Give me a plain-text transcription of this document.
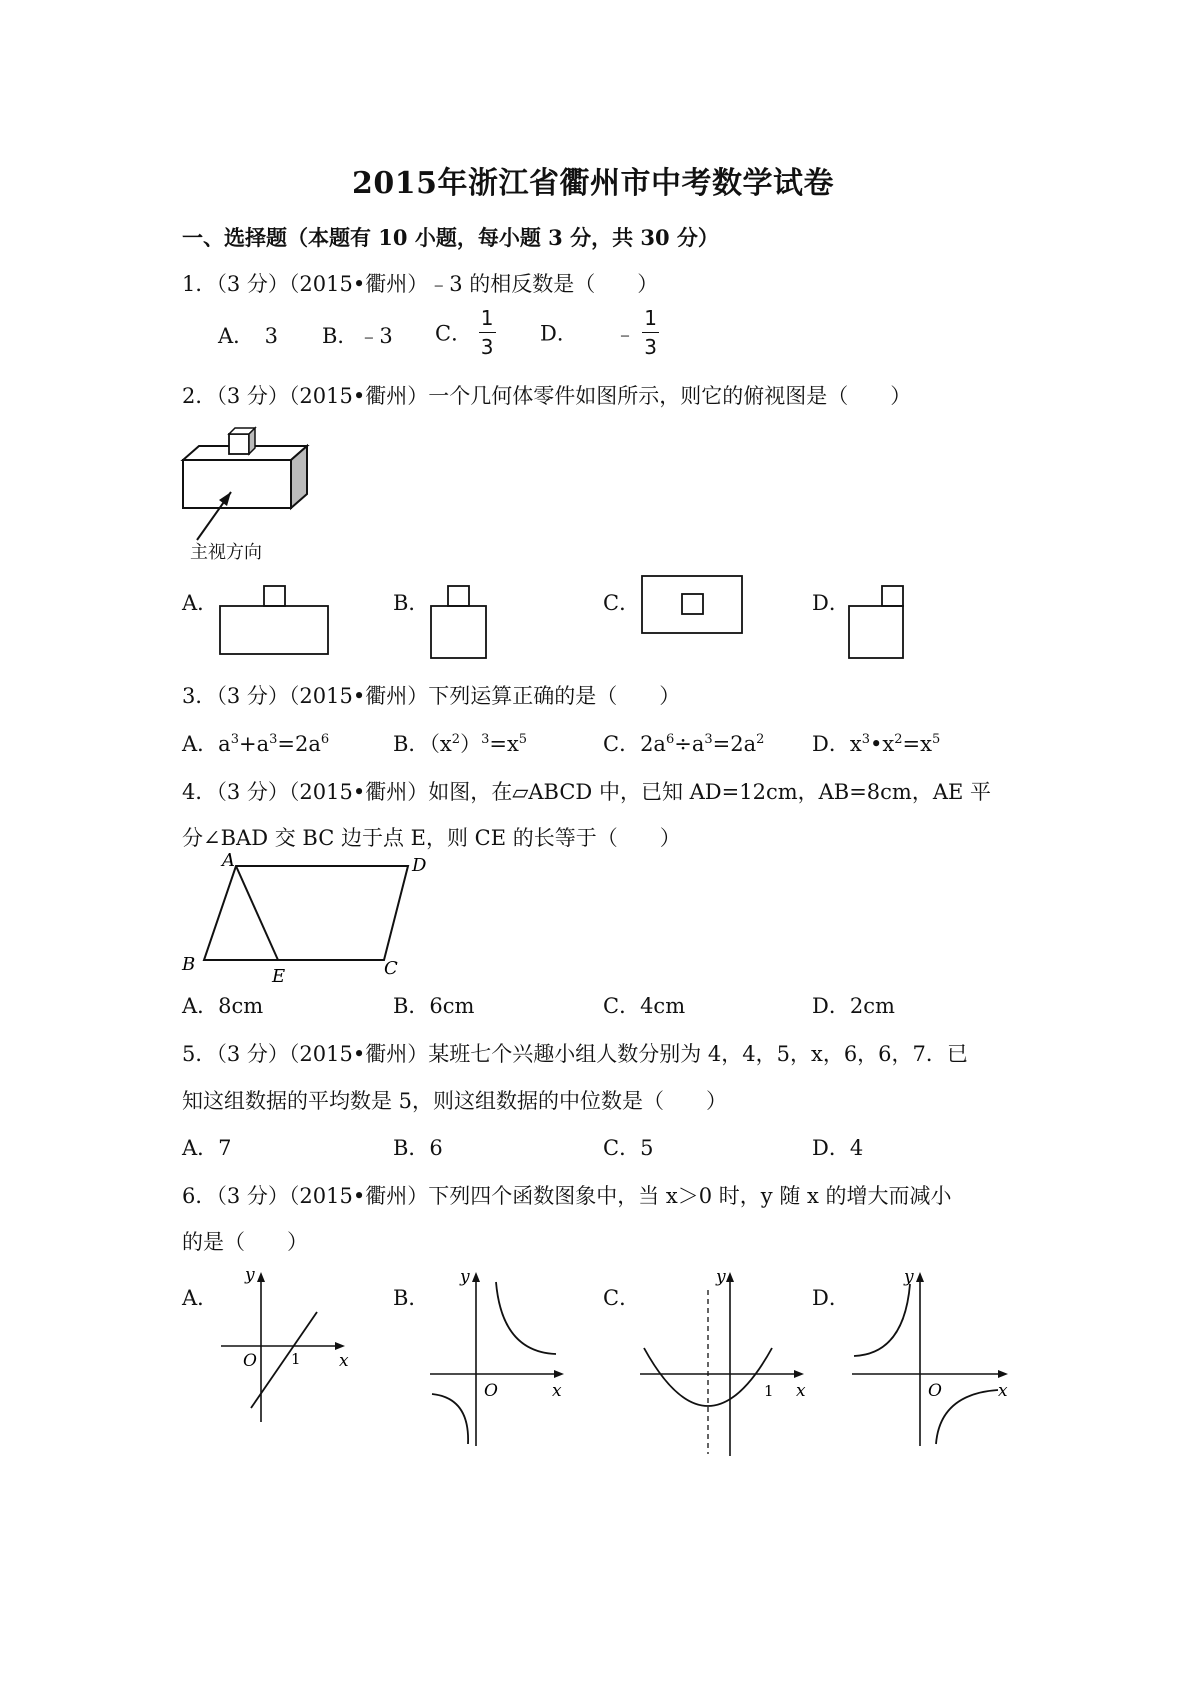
2015年浙江省衢州市中考数学试卷
一、选择题（本题有 10 小题，每小题 3 分，共 30 分）
1．（3 分）（2015•衢州）﹣3 的相反数是（　　）
A．　3 B．﹣3 C． $\frac{1}{3}$ D． ﹣ $\frac{1}{3}$
2．（3 分）（2015•衢州）一个几何体零件如图所示，则它的俯视图是（　　）
主视方向
A．	B．	C．	D．
3．（3 分）（2015•衢州）下列运算正确的是（　　）
A．$a^3+a^3=2a^6$	B．$(x^2)^3=x^5$	C．$2a^6\div a^3=2a^2$ D．$x^3•x^2=x^5$
4．（3 分）（2015•衢州）如图，在▱ABCD 中，已知 AD=12cm，AB=8cm，AE 平
分∠BAD 交 BC 边于点 E，则 CE 的长等于（　　）
A	D
B
E	C
A．8cm	B．6cm	C．4cm	D．2cm
5．（3 分）（2015•衢州）某班七个兴趣小组人数分别为 4，4，5，x，6，6，7．已
知这组数据的平均数是 5，则这组数据的中位数是（　　）
A．7	B．6	C．5	D．4
6．（3 分）（2015•衢州）下列四个函数图象中，当 x＞0 时，y 随 x 的增大而减小
的是（　　）
A．
y
O 1 x
B．
y
O	x
C．
y
1 x
D．
y
O	x
